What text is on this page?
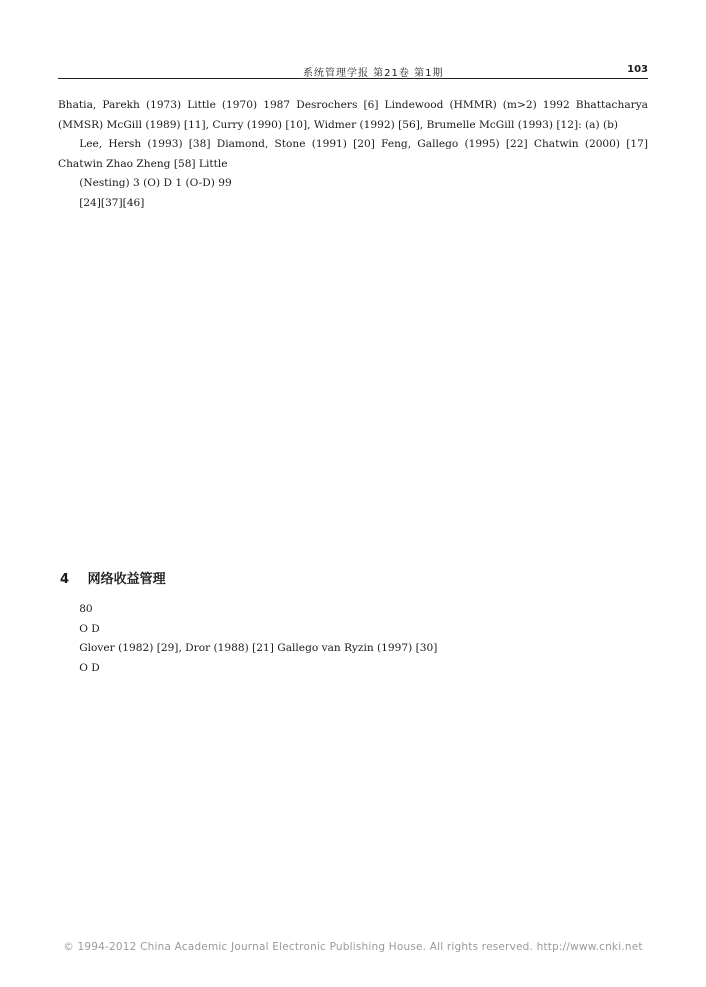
系统管理学报 第21卷 第1期	103

Bhatia, Parekh (1973) Little (1970) 1987 Desrochers [6] Lindewood (HMMR) (m>2) 1992 Bhattacharya (MMSR) McGill (1989) [11], Curry (1990) [10], Widmer (1992) [56], Brumelle McGill (1993) [12]: (a) (b)

Lee, Hersh (1993) [38] Diamond, Stone (1991) [20] Feng, Gallego (1995) [22] Chatwin (2000) [17] Chatwin Zhao Zheng [58] Little

(Nesting) 3 (O) D 1 (O-D) 99

[24][37][46]

4 网络收益管理

80

O D

Glover (1982) [29], Dror (1988) [21] Gallego van Ryzin (1997) [30]

O D

© 1994-2012 China Academic Journal Electronic Publishing House. All rights reserved. http://www.cnki.net
